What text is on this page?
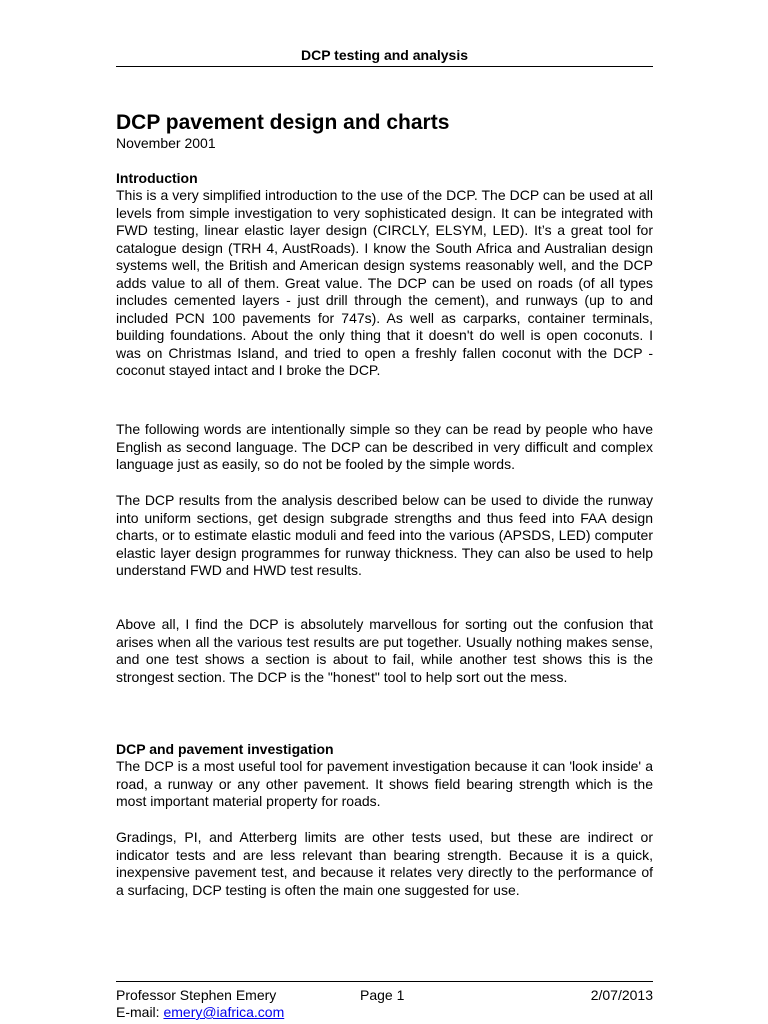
DCP testing and analysis
DCP pavement design and charts
November 2001
Introduction

This is a very simplified introduction to the use of the DCP. The DCP can be used at all levels from simple investigation to very sophisticated design. It can be integrated with FWD testing, linear elastic layer design (CIRCLY, ELSYM, LED). It’s a great tool for catalogue design (TRH 4, AustRoads). I know the South Africa and Australian design systems well, the British and American design systems reasonably well, and the DCP adds value to all of them. Great value. The DCP can be used on roads (of all types includes cemented layers - just drill through the cement), and runways (up to and included PCN 100 pavements for 747s). As well as carparks, container terminals, building foundations. About the only thing that it doesn't do well is open coconuts. I was on Christmas Island, and tried to open a freshly fallen coconut with the DCP - coconut stayed intact and I broke the DCP.

The following words are intentionally simple so they can be read by people who have English as second language. The DCP can be described in very difficult and complex language just as easily, so do not be fooled by the simple words.

The DCP results from the analysis described below can be used to divide the runway into uniform sections, get design subgrade strengths and thus feed into FAA design charts, or to estimate elastic moduli and feed into the various (APSDS, LED) computer elastic layer design programmes for runway thickness. They can also be used to help understand FWD and HWD test results.

Above all, I find the DCP is absolutely marvellous for sorting out the confusion that arises when all the various test results are put together. Usually nothing makes sense, and one test shows a section is about to fail, while another test shows this is the strongest section. The DCP is the "honest" tool to help sort out the mess.

DCP and pavement investigation

The DCP is a most useful tool for pavement investigation because it can 'look inside' a road, a runway or any other pavement. It shows field bearing strength which is the most important material property for roads.

Gradings, PI, and Atterberg limits are other tests used, but these are indirect or indicator tests and are less relevant than bearing strength. Because it is a quick, inexpensive pavement test, and because it relates very directly to the performance of a surfacing, DCP testing is often the main one suggested for use.

Professor Stephen Emery	Page 1	2/07/2013
E-mail: emery@iafrica.com
